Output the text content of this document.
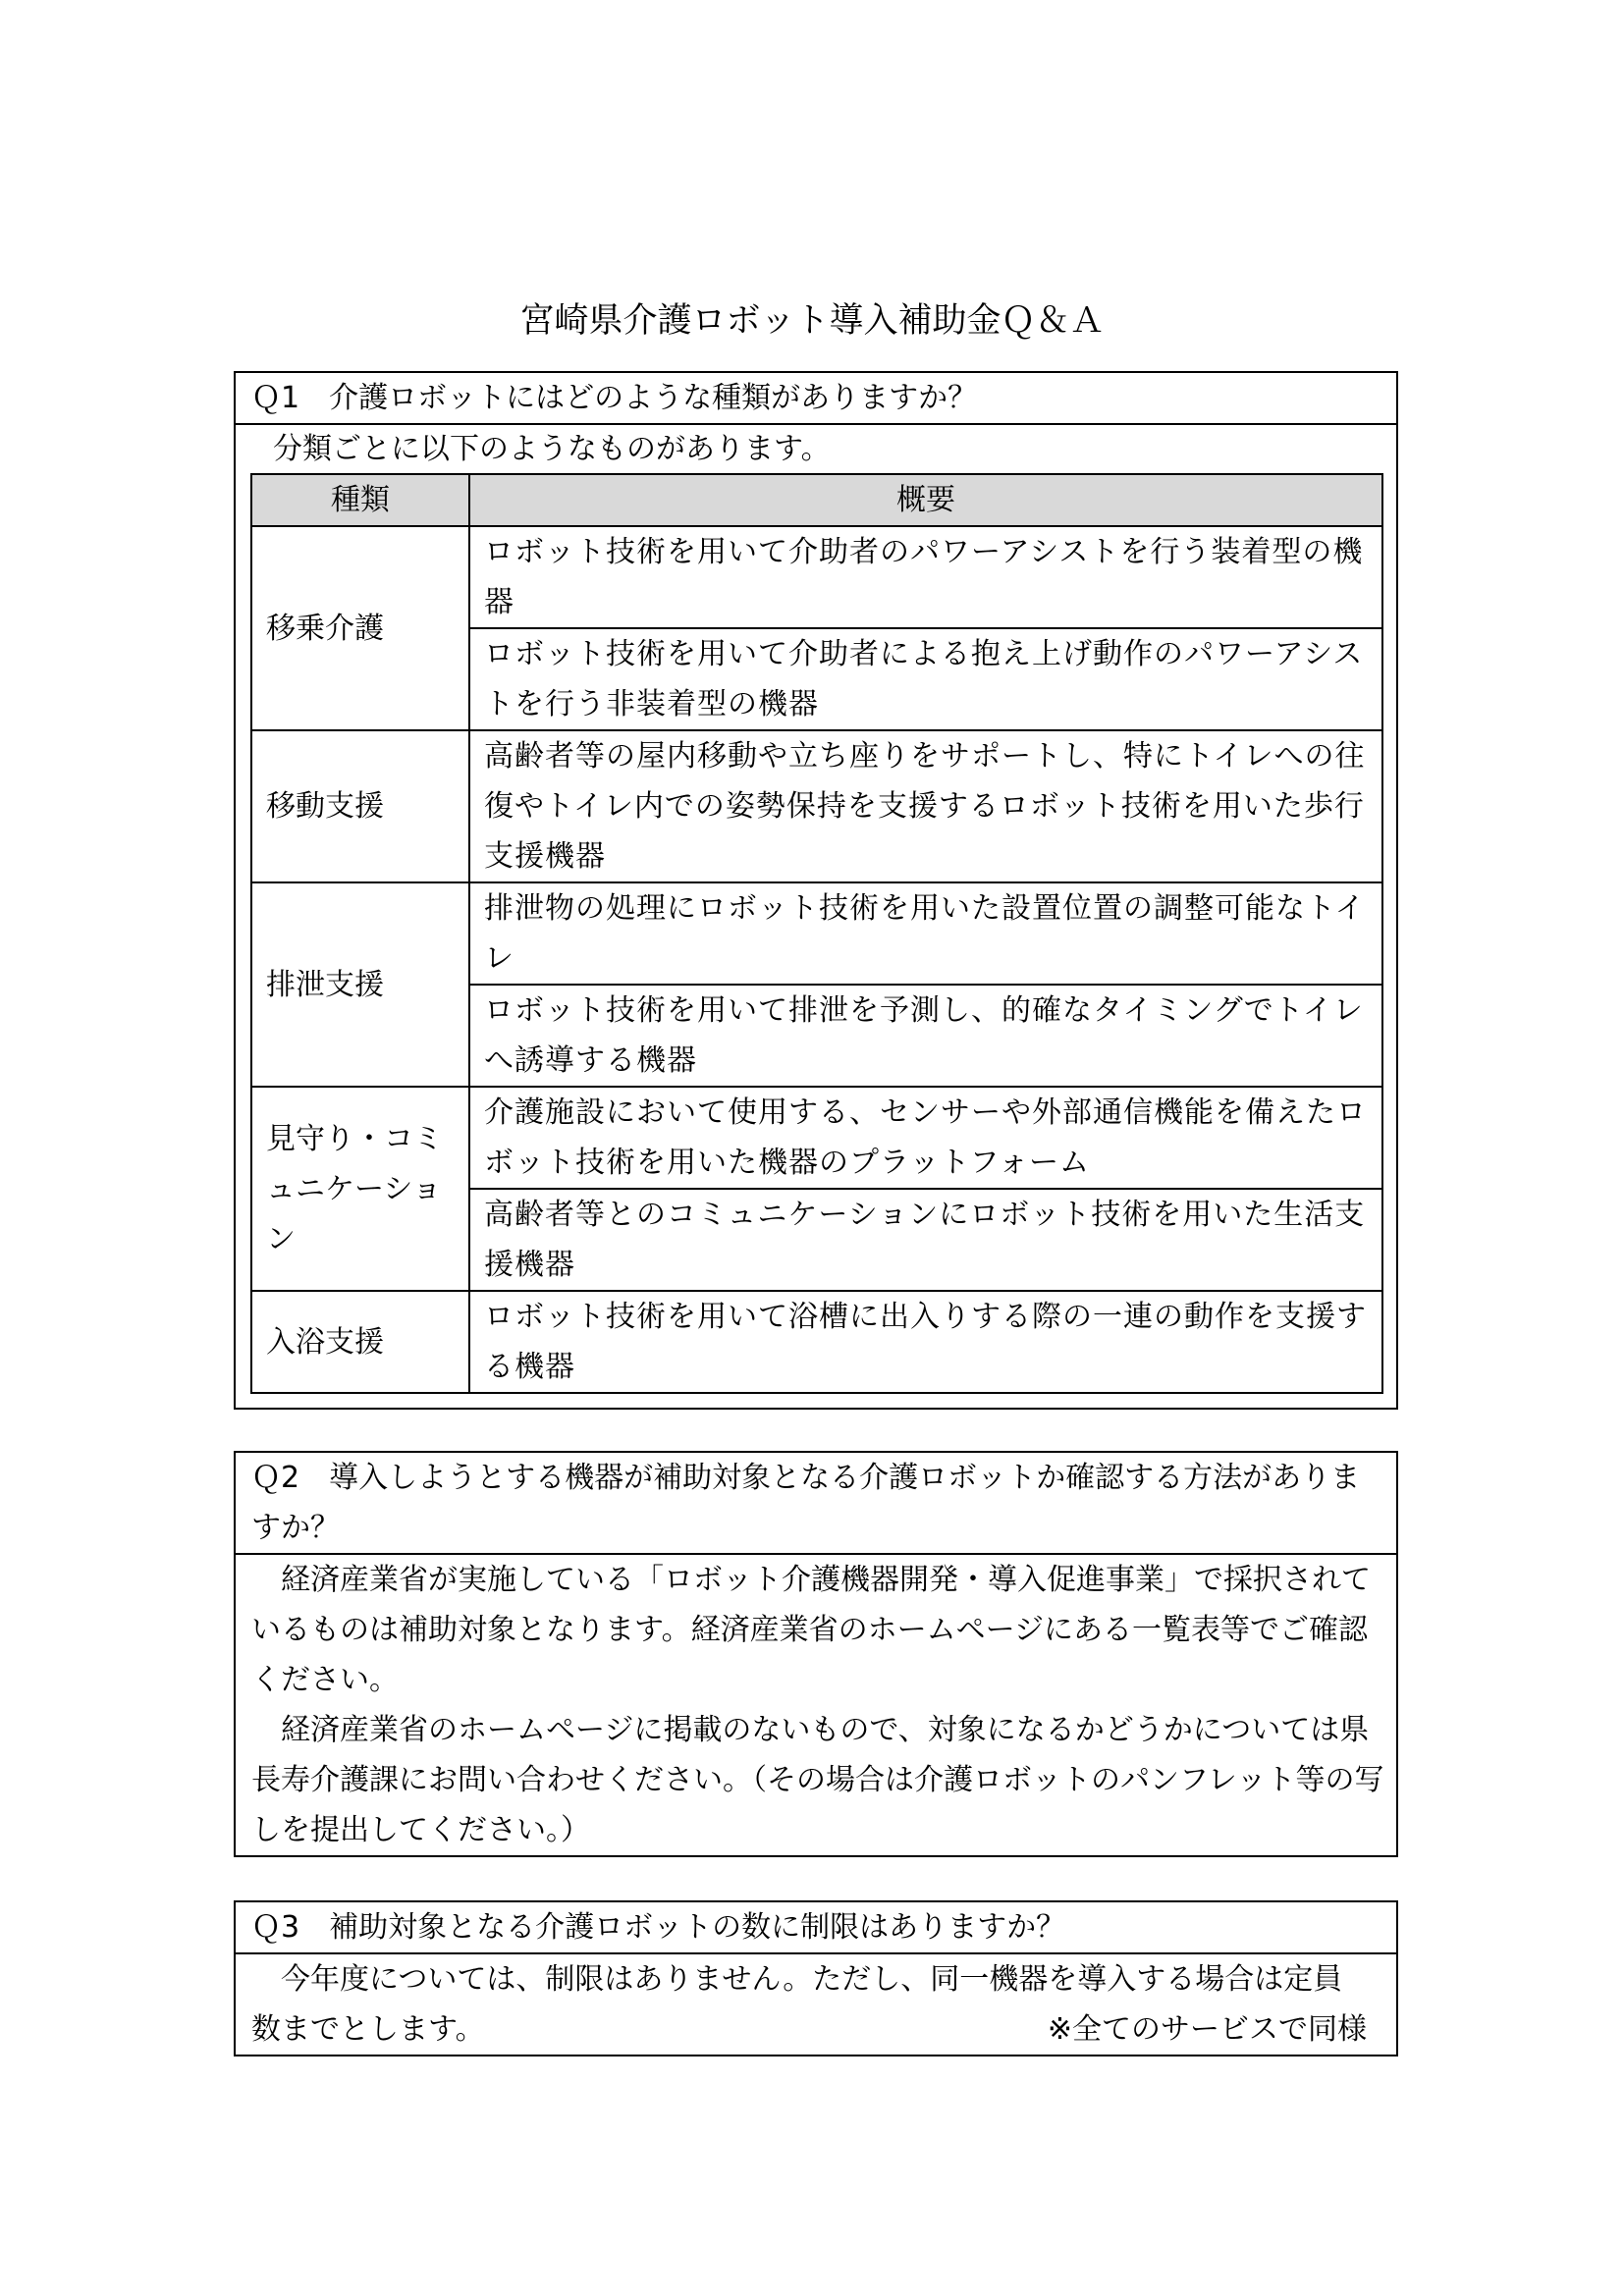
宮崎県介護ロボット導入補助金Ｑ＆Ａ
Ｑ1　介護ロボットにはどのような種類がありますか？
分類ごとに以下のようなものがあります。
種類	概要
移乗介護	ロボット技術を用いて介助者のパワーアシストを行う装着型の機器
	ロボット技術を用いて介助者による抱え上げ動作のパワーアシストを行う非装着型の機器
移動支援	高齢者等の屋内移動や立ち座りをサポートし、特にトイレへの往復やトイレ内での姿勢保持を支援するロボット技術を用いた歩行支援機器
排泄支援	排泄物の処理にロボット技術を用いた設置位置の調整可能なトイレ
	ロボット技術を用いて排泄を予測し、的確なタイミングでトイレへ誘導する機器
見守り・コミュニケーション	介護施設において使用する、センサーや外部通信機能を備えたロボット技術を用いた機器のプラットフォーム
	高齢者等とのコミュニケーションにロボット技術を用いた生活支援機器
入浴支援	ロボット技術を用いて浴槽に出入りする際の一連の動作を支援する機器
Ｑ2　導入しようとする機器が補助対象となる介護ロボットか確認する方法がありますか？

経済産業省が実施している「ロボット介護機器開発・導入促進事業」で採択されているものは補助対象となります。経済産業省のホームページにある一覧表等でご確認ください。

経済産業省のホームページに掲載のないもので、対象になるかどうかについては県長寿介護課にお問い合わせください。（その場合は介護ロボットのパンフレット等の写しを提出してください。）

Ｑ3　補助対象となる介護ロボットの数に制限はありますか？

今年度については、制限はありません。ただし、同一機器を導入する場合は定員

数までとします。	※全てのサービスで同様
